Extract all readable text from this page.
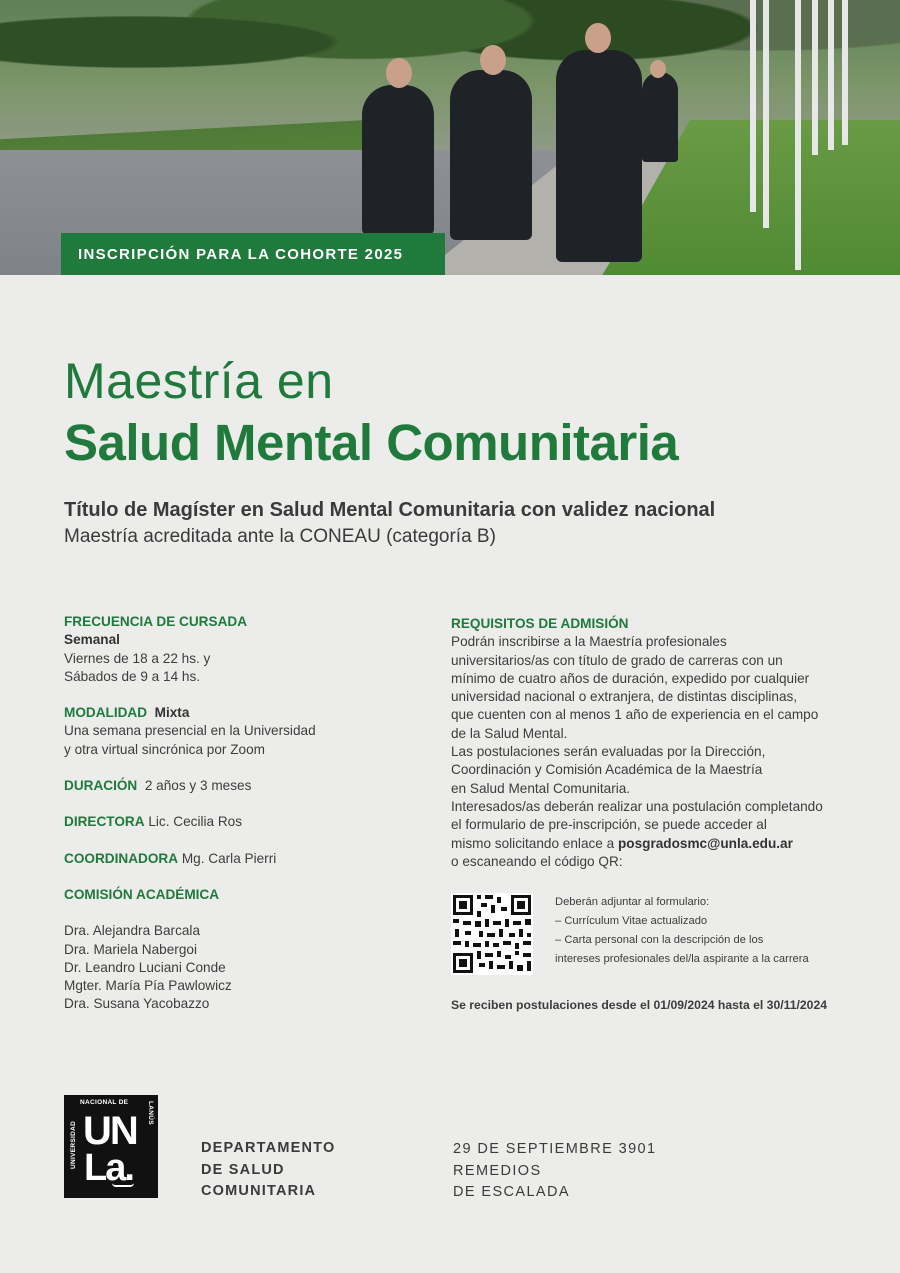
INSCRIPCIÓN PARA LA COHORTE 2025
Maestría en
Salud Mental Comunitaria
Título de Magíster en Salud Mental Comunitaria con validez nacional
Maestría acreditada ante la CONEAU (categoría B)
FRECUENCIA DE CURSADA
Semanal
Viernes de 18 a 22 hs. y
Sábados de 9 a 14 hs.
MODALIDAD Mixta
Una semana presencial en la Universidad
y otra virtual sincrónica por Zoom
DURACIÓN 2 años y 3 meses
DIRECTORA Lic. Cecilia Ros
COORDINADORA Mg. Carla Pierri
COMISIÓN ACADÉMICA
Dra. Alejandra Barcala
Dra. Mariela Nabergoi
Dr. Leandro Luciani Conde
Mgter. María Pía Pawlowicz
Dra. Susana Yacobazzo
REQUISITOS DE ADMISIÓN
Podrán inscribirse a la Maestría profesionales
universitarios/as con título de grado de carreras con un
mínimo de cuatro años de duración, expedido por cualquier
universidad nacional o extranjera, de distintas disciplinas,
que cuenten con al menos 1 año de experiencia en el campo
de la Salud Mental.
Las postulaciones serán evaluadas por la Dirección,
Coordinación y Comisión Académica de la Maestría
en Salud Mental Comunitaria.
Interesados/as deberán realizar una postulación completando
el formulario de pre-inscripción, se puede acceder al
mismo solicitando enlace a posgradosmc@unla.edu.ar
o escaneando el código QR:
Deberán adjuntar al formulario:
– Currículum Vitae actualizado
– Carta personal con la descripción de los
intereses profesionales del/la aspirante a la carrera
Se reciben postulaciones desde el 01/09/2024 hasta el 30/11/2024
UNIVERSIDAD
NACIONAL DE	LANÚS
UN
La.	DEPARTAMENTO
DE SALUD
COMUNITARIA
29 DE SEPTIEMBRE 3901
REMEDIOS
DE ESCALADA
